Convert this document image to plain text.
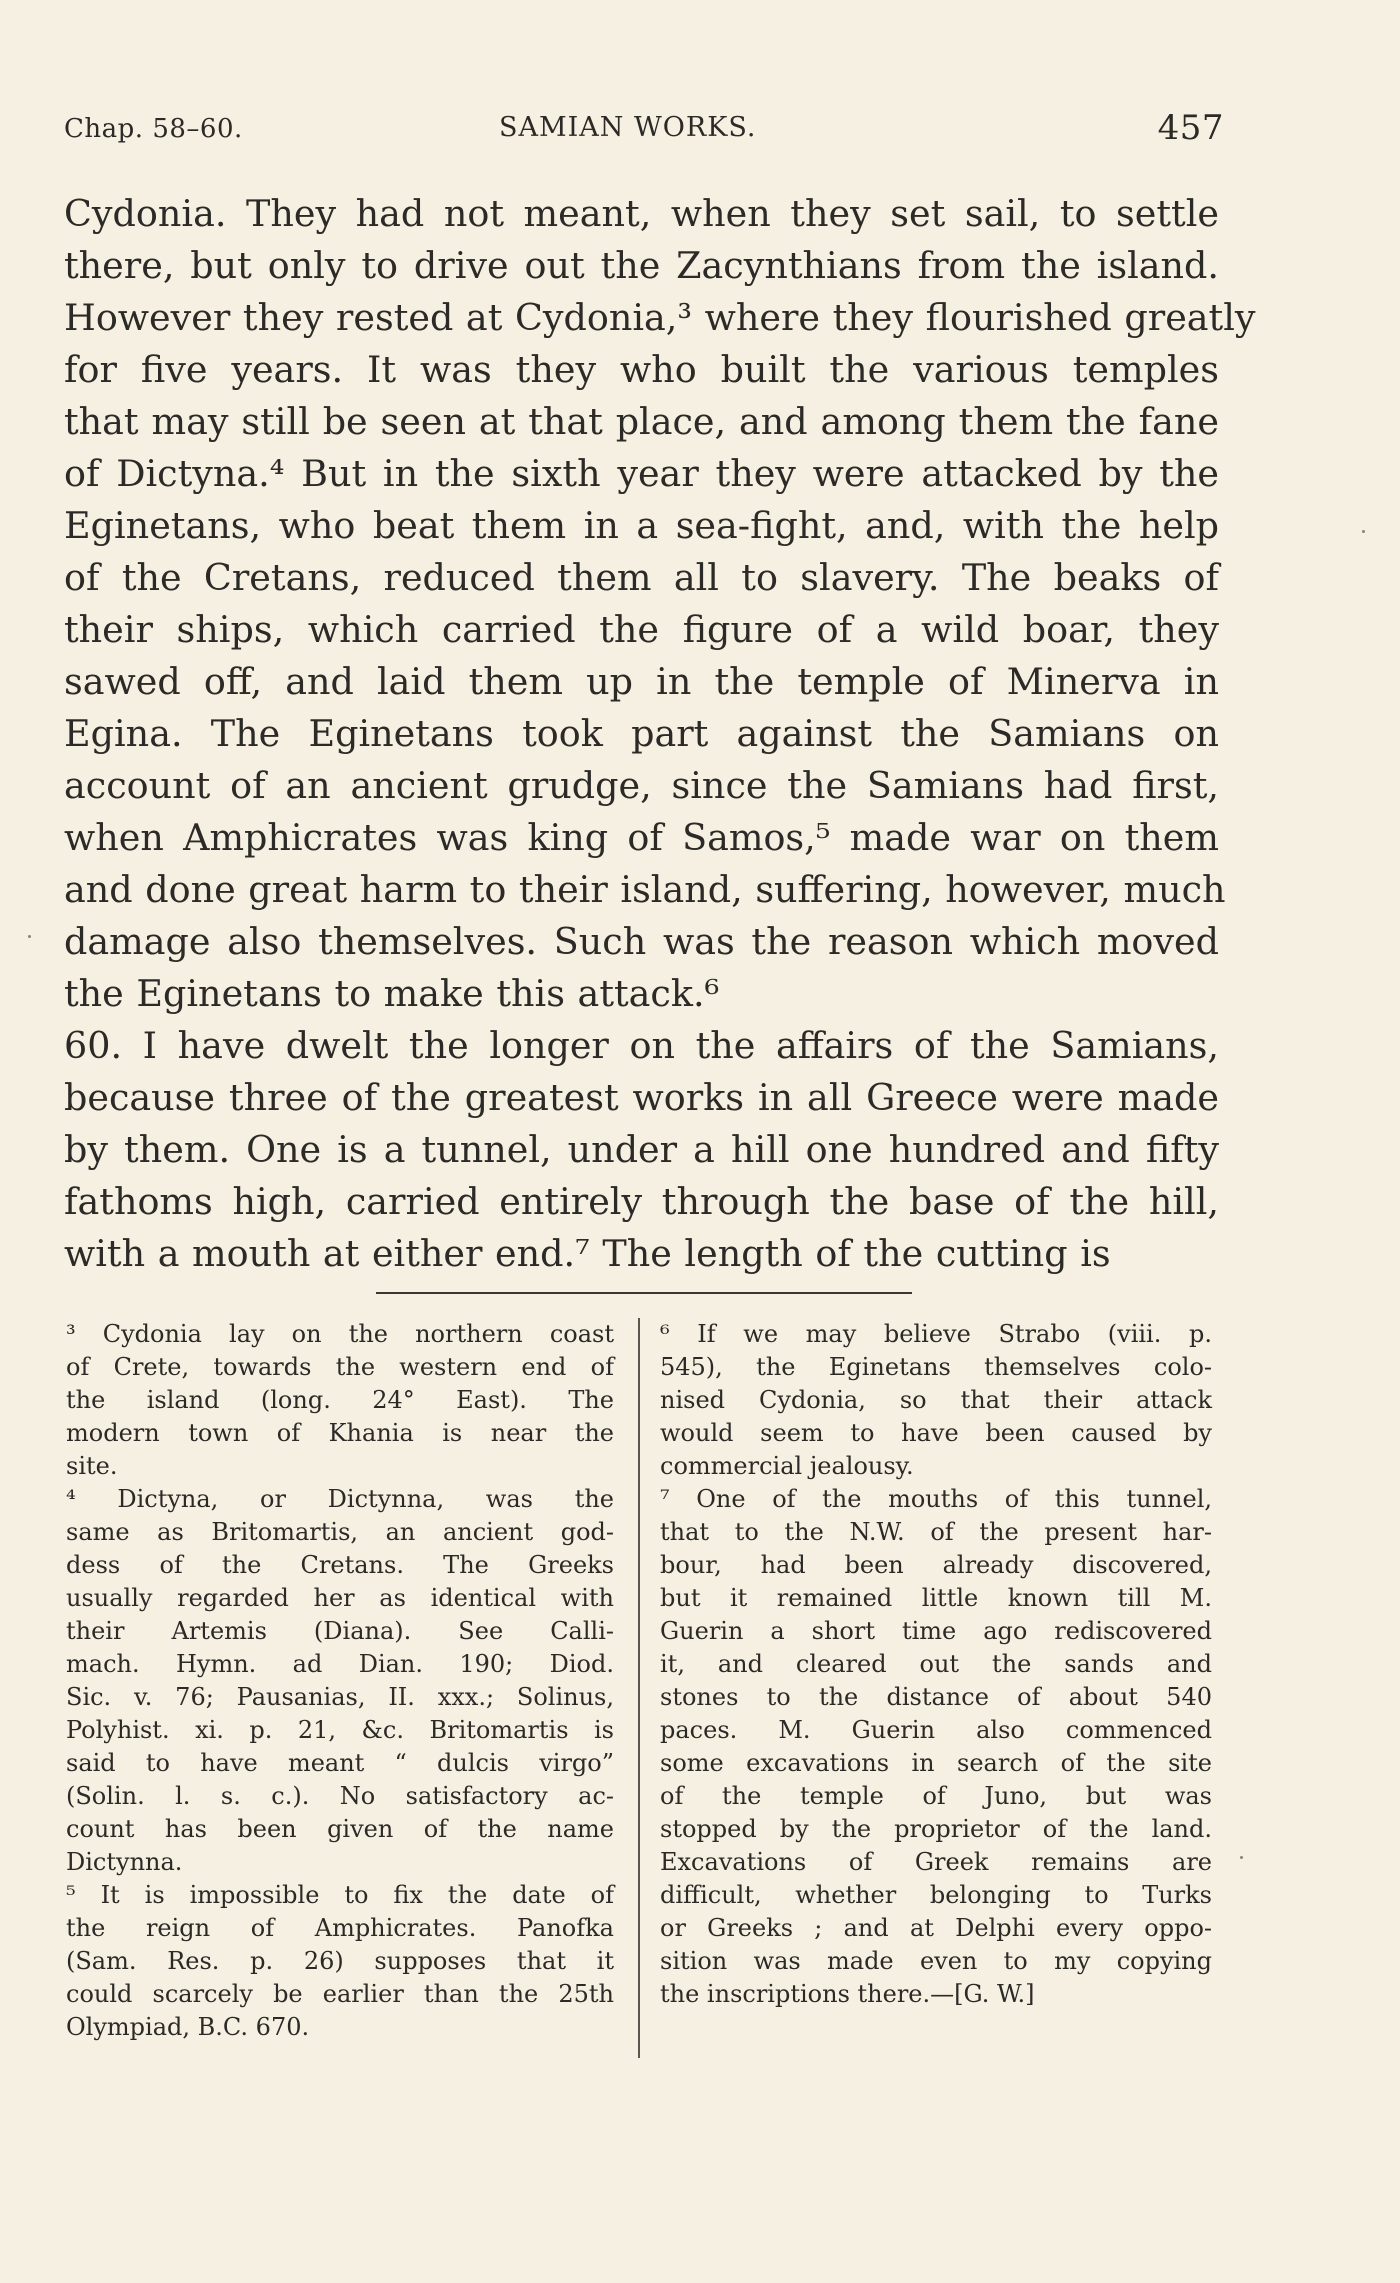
Chap. 58–60.	SAMIAN WORKS.	457
Cydonia. They had not meant, when they set sail, to settle
there, but only to drive out the Zacynthians from the island.
However they rested at Cydonia,³ where they flourished greatly
for five years. It was they who built the various temples
that may still be seen at that place, and among them the fane
of Dictyna.⁴ But in the sixth year they were attacked by the
Eginetans, who beat them in a sea-fight, and, with the help
of the Cretans, reduced them all to slavery. The beaks of
their ships, which carried the figure of a wild boar, they
sawed off, and laid them up in the temple of Minerva in
Egina. The Eginetans took part against the Samians on
account of an ancient grudge, since the Samians had first,
when Amphicrates was king of Samos,⁵ made war on them
and done great harm to their island, suffering, however, much
damage also themselves. Such was the reason which moved
the Eginetans to make this attack.⁶
60. I have dwelt the longer on the affairs of the Samians,
because three of the greatest works in all Greece were made
by them. One is a tunnel, under a hill one hundred and fifty
fathoms high, carried entirely through the base of the hill,
with a mouth at either end.⁷ The length of the cutting is
³ Cydonia lay on the northern coast
of Crete, towards the western end of
the island (long. 24° East). The
modern town of Khania is near the
site.
⁴ Dictyna, or Dictynna, was the
same as Britomartis, an ancient god-
dess of the Cretans. The Greeks
usually regarded her as identical with
their Artemis (Diana). See Calli-
mach. Hymn. ad Dian. 190; Diod.
Sic. v. 76; Pausanias, II. xxx.; Solinus,
Polyhist. xi. p. 21, &c. Britomartis is
said to have meant “ dulcis virgo”
(Solin. l. s. c.). No satisfactory ac-
count has been given of the name
Dictynna.
⁵ It is impossible to fix the date of
the reign of Amphicrates. Panofka
(Sam. Res. p. 26) supposes that it
could scarcely be earlier than the 25th
Olympiad, B.C. 670.
⁶ If we may believe Strabo (viii. p.
545), the Eginetans themselves colo-
nised Cydonia, so that their attack
would seem to have been caused by
commercial jealousy.
⁷ One of the mouths of this tunnel,
that to the N.W. of the present har-
bour, had been already discovered,
but it remained little known till M.
Guerin a short time ago rediscovered
it, and cleared out the sands and
stones to the distance of about 540
paces. M. Guerin also commenced
some excavations in search of the site
of the temple of Juno, but was
stopped by the proprietor of the land.
Excavations of Greek remains are
difficult, whether belonging to Turks
or Greeks ; and at Delphi every oppo-
sition was made even to my copying
the inscriptions there.—[G. W.]
